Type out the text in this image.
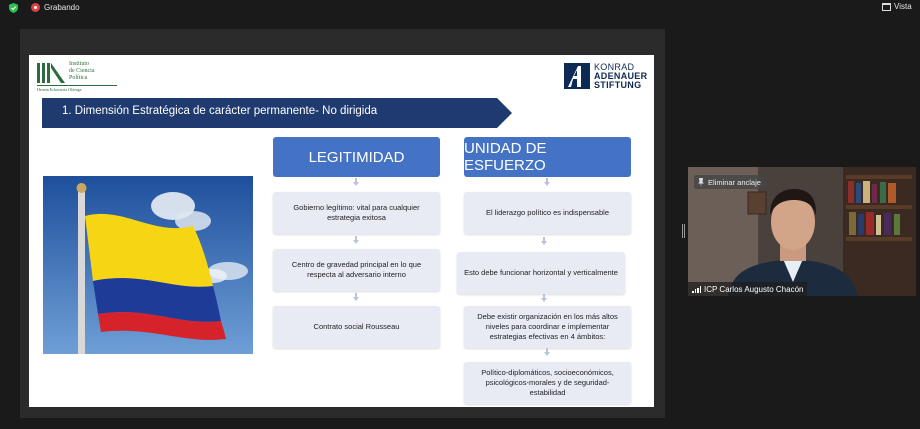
Grabando	Vista
Instituto
de Ciencia
Política
Hernán Echavarría Olózaga
KONRAD
ADENAUER
STIFTUNG
1. Dimensión Estratégica de carácter permanente- No dirigida
LEGITIMIDAD
Gobierno legítimo: vital para cualquier estrategia exitosa
Centro de gravedad principal en lo que respecta al adversario interno
Contrato social Rousseau
UNIDAD DE ESFUERZO
El liderazgo político es indispensable
Esto debe funcionar horizontal y verticalmente
Debe existir organización en los más altos niveles para coordinar e implementar estrategias efectivas en 4 ámbitos:
Político-diplomáticos, socioeconómicos, psicológicos-morales y de seguridad-estabilidad
Eliminar anclaje
ICP Carlos Augusto Chacón
